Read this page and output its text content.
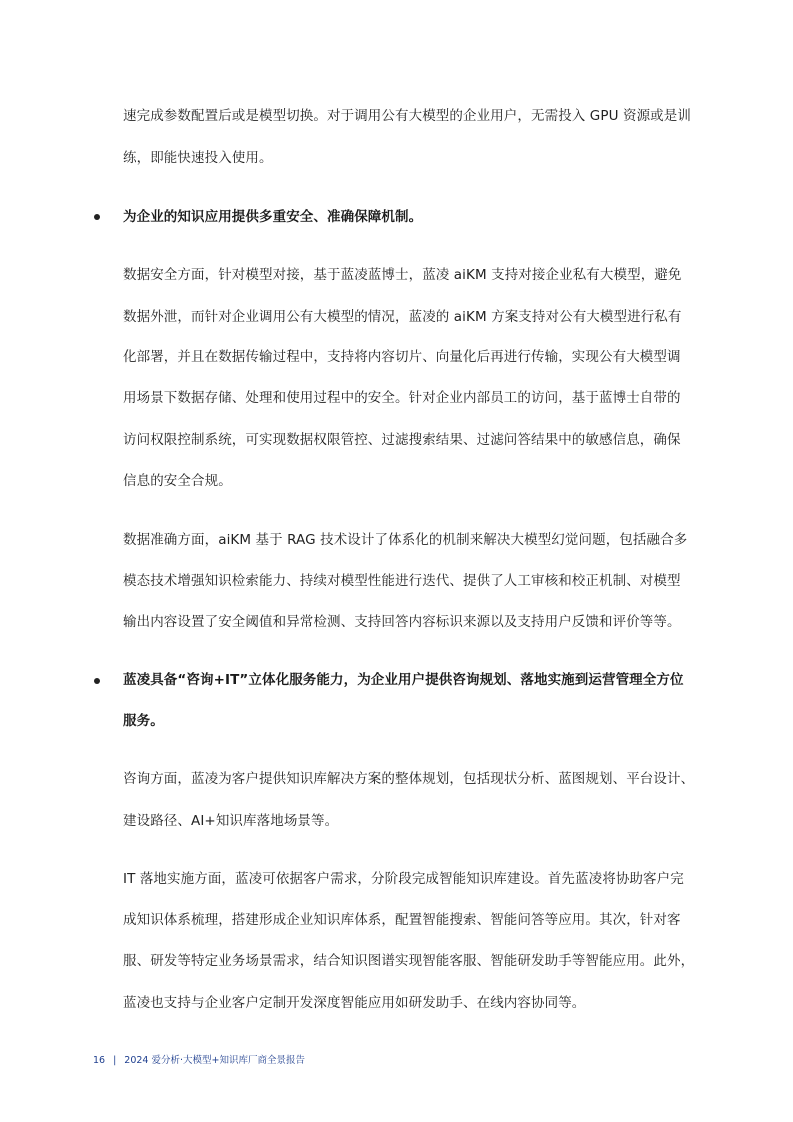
速完成参数配置后或是模型切换。对于调用公有大模型的企业用户，无需投入 GPU 资源或是训
练，即能快速投入使用。
为企业的知识应用提供多重安全、准确保障机制。
数据安全方面，针对模型对接，基于蓝凌蓝博士，蓝凌 aiKM 支持对接企业私有大模型，避免
数据外泄，而针对企业调用公有大模型的情况，蓝凌的 aiKM 方案支持对公有大模型进行私有
化部署，并且在数据传输过程中，支持将内容切片、向量化后再进行传输，实现公有大模型调
用场景下数据存储、处理和使用过程中的安全。针对企业内部员工的访问，基于蓝博士自带的
访问权限控制系统，可实现数据权限管控、过滤搜索结果、过滤问答结果中的敏感信息，确保
信息的安全合规。
数据准确方面，aiKM 基于 RAG 技术设计了体系化的机制来解决大模型幻觉问题，包括融合多
模态技术增强知识检索能力、持续对模型性能进行迭代、提供了人工审核和校正机制、对模型
输出内容设置了安全阈值和异常检测、支持回答内容标识来源以及支持用户反馈和评价等等。
蓝凌具备“咨询+IT”立体化服务能力，为企业用户提供咨询规划、落地实施到运营管理全方位
服务。
咨询方面，蓝凌为客户提供知识库解决方案的整体规划，包括现状分析、蓝图规划、平台设计、
建设路径、AI+知识库落地场景等。
IT 落地实施方面，蓝凌可依据客户需求，分阶段完成智能知识库建设。首先蓝凌将协助客户完
成知识体系梳理，搭建形成企业知识库体系，配置智能搜索、智能问答等应用。其次，针对客
服、研发等特定业务场景需求，结合知识图谱实现智能客服、智能研发助手等智能应用。此外，
蓝凌也支持与企业客户定制开发深度智能应用如研发助手、在线内容协同等。
16 | 2024 爱分析·大模型+知识库厂商全景报告
